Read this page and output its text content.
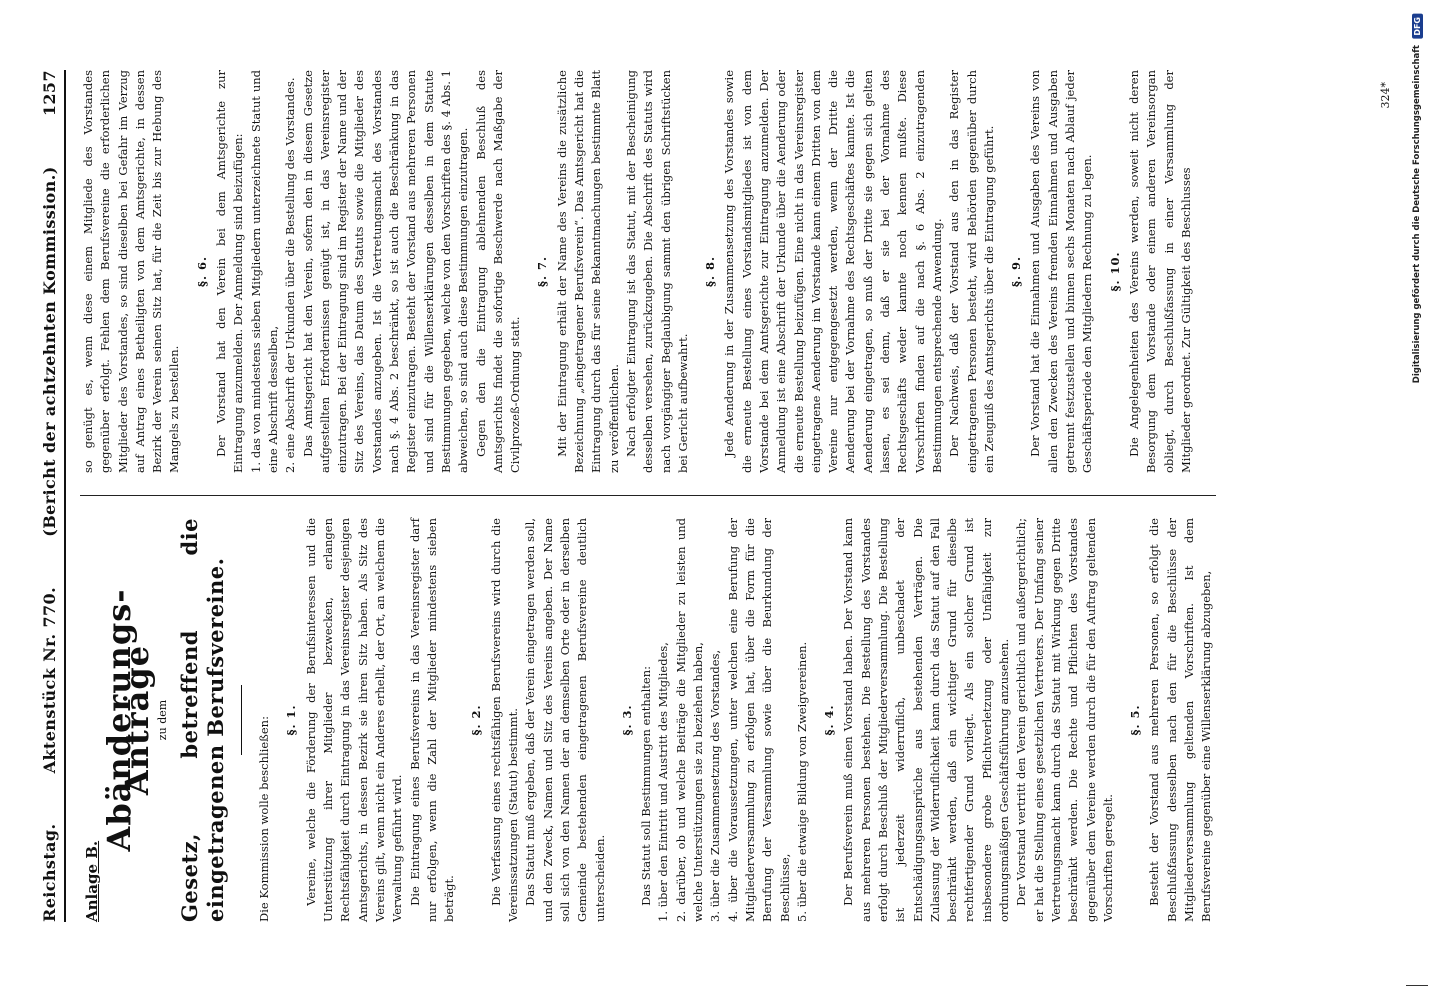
Reichstag.
Aktenstück Nr. 770.
(Bericht der achtzehnten Kommission.)
1257
Anlage B.
Abänderungs-Anträge zu dem Gesetz, betreffend die eingetragenen Berufsvereine.	Die Kommission wolle beschließen: §. 1. Vereine, welche die Förderung der Berufsinteressen und die Unterstützung ihrer Mitglieder bezwecken, erlangen Rechtsfähigkeit durch Eintragung in das Vereinsregister desjenigen Amtsgerichts, in dessen Bezirk sie ihren Sitz haben. Als Sitz des Vereins gilt, wenn nicht ein Anderes erhellt, der Ort, an welchem die Verwaltung geführt wird. Die Eintragung eines Berufsvereins in das Vereinsregister darf nur erfolgen, wenn die Zahl der Mitglieder mindestens sieben beträgt.

§. 2. Die Verfassung eines rechtsfähigen Berufsvereins wird durch die Vereinssatzungen (Statut) bestimmt. Das Statut muß ergeben, daß der Verein eingetragen werden soll, und den Zweck, Namen und Sitz des Vereins angeben. Der Name soll sich von den Namen der an demselben Orte oder in derselben Gemeinde bestehenden eingetragenen Berufsvereine deutlich unterscheiden.

§. 3. Das Statut soll Bestimmungen enthalten: 1. über den Eintritt und Austritt des Mitgliedes, 2. darüber, ob und welche Beiträge die Mitglieder zu leisten und welche Unterstützungen sie zu beziehen haben, 3. über die Zusammensetzung des Vorstandes, 4. über die Voraussetzungen, unter welchen eine Berufung der Mitgliederversammlung zu erfolgen hat, über die Form für die Berufung der Versammlung sowie über die Beurkundung der Beschlüsse, 5. über die etwaige Bildung von Zweigvereinen. §. 4. Der Berufsverein muß einen Vorstand haben. Der Vorstand kann aus mehreren Personen bestehen. Die Bestellung des Vorstandes erfolgt durch Beschluß der Mitgliederversammlung. Die Bestellung ist jederzeit widerruflich, unbeschadet der Entschädigungsansprüche aus bestehenden Verträgen. Die Zulassung der Widerruflichkeit kann durch das Statut auf den Fall beschränkt werden, daß ein wichtiger Grund für dieselbe rechtfertigender Grund vorliegt. Als ein solcher Grund ist insbesondere grobe Pflichtverletzung oder Unfähigkeit zur ordnungsmäßigen Geschäftsführung anzusehen. Der Vorstand vertritt den Verein gerichtlich und außergerichtlich; er hat die Stellung eines gesetzlichen Vertreters. Der Umfang seiner Vertretungsmacht kann durch das Statut mit Wirkung gegen Dritte beschränkt werden. Die Rechte und Pflichten des Vorstandes gegenüber dem Vereine werden durch die für den Auftrag geltenden Vorschriften geregelt.

§. 5. Besteht der Vorstand aus mehreren Personen, so erfolgt die Beschlußfassung desselben nach den für die Beschlüsse der Mitgliederversammlung geltenden Vorschriften. Ist dem Berufsvereine gegenüber eine Willenserklärung abzugeben,

so genügt es, wenn diese einem Mitgliede des Vorstandes gegenüber erfolgt. Fehlen dem Berufsvereine die erforderlichen Mitglieder des Vorstandes, so sind dieselben bei Gefahr im Verzug auf Antrag eines Betheiligten von dem Amtsgerichte, in dessen Bezirk der Verein seinen Sitz hat, für die Zeit bis zur Hebung des Mangels zu bestellen.

§. 6. Der Vorstand hat den Verein bei dem Amtsgerichte zur Eintragung anzumelden. Der Anmeldung sind beizufügen: 1. das von mindestens sieben Mitgliedern unterzeichnete Statut und eine Abschrift desselben, 2. eine Abschrift der Urkunden über die Bestellung des Vorstandes. Das Amtsgericht hat den Verein, sofern den in diesem Gesetze aufgestellten Erfordernissen genügt ist, in das Vereinsregister einzutragen. Bei der Eintragung sind im Register der Name und der Sitz des Vereins, das Datum des Statuts sowie die Mitglieder des Vorstandes anzugeben. Ist die Vertretungsmacht des Vorstandes nach §. 4 Abs. 2 beschränkt, so ist auch die Beschränkung in das Register einzutragen. Besteht der Vorstand aus mehreren Personen und sind für die Willenserklärungen desselben in dem Statute Bestimmungen gegeben, welche von den Vorschriften des §. 4 Abs. 1 abweichen, so sind auch diese Bestimmungen einzutragen. Gegen den die Eintragung ablehnenden Beschluß des Amtsgerichts findet die sofortige Beschwerde nach Maßgabe der Civilprozeß-Ordnung statt.

§. 7. Mit der Eintragung erhält der Name des Vereins die zusätzliche Bezeichnung „eingetragener Berufsverein“. Das Amtsgericht hat die Eintragung durch das für seine Bekanntmachungen bestimmte Blatt zu veröffentlichen. Nach erfolgter Eintragung ist das Statut, mit der Bescheinigung desselben versehen, zurückzugeben. Die Abschrift des Statuts wird nach vorgängiger Beglaubigung sammt den übrigen Schriftstücken bei Gericht aufbewahrt.

§. 8. Jede Aenderung in der Zusammensetzung des Vorstandes sowie die erneute Bestellung eines Vorstandsmitgliedes ist von dem Vorstande bei dem Amtsgerichte zur Eintragung anzumelden. Der Anmeldung ist eine Abschrift der Urkunde über die Aenderung oder die erneute Bestellung beizufügen. Eine nicht in das Vereinsregister eingetragene Aenderung im Vorstande kann einem Dritten von dem Vereine nur entgegengesetzt werden, wenn der Dritte die Aenderung bei der Vornahme des Rechtsgeschäftes kannte. Ist die Aenderung eingetragen, so muß der Dritte sie gegen sich gelten lassen, es sei denn, daß er sie bei der Vornahme des Rechtsgeschäfts weder kannte noch kennen mußte. Diese Vorschriften finden auf die nach §. 6 Abs. 2 einzutragenden Bestimmungen entsprechende Anwendung. Der Nachweis, daß der Vorstand aus den in das Register eingetragenen Personen besteht, wird Behörden gegenüber durch ein Zeugniß des Amtsgerichts über die Eintragung geführt. §. 9. Der Vorstand hat die Einnahmen und Ausgaben des Vereins von allen den Zwecken des Vereins fremden Einnahmen und Ausgaben getrennt festzustellen und binnen sechs Monaten nach Ablauf jeder Geschäftsperiode den Mitgliedern Rechnung zu legen. §. 10. Die Angelegenheiten des Vereins werden, soweit nicht deren Besorgung dem Vorstande oder einem anderen Vereinsorgan obliegt, durch Beschlußfassung in einer Versammlung der Mitglieder geordnet. Zur Gültigkeit des Beschlusses

324*
DFG
Digitalisierung gefördert durch die Deutsche Forschungsgemeinschaft
